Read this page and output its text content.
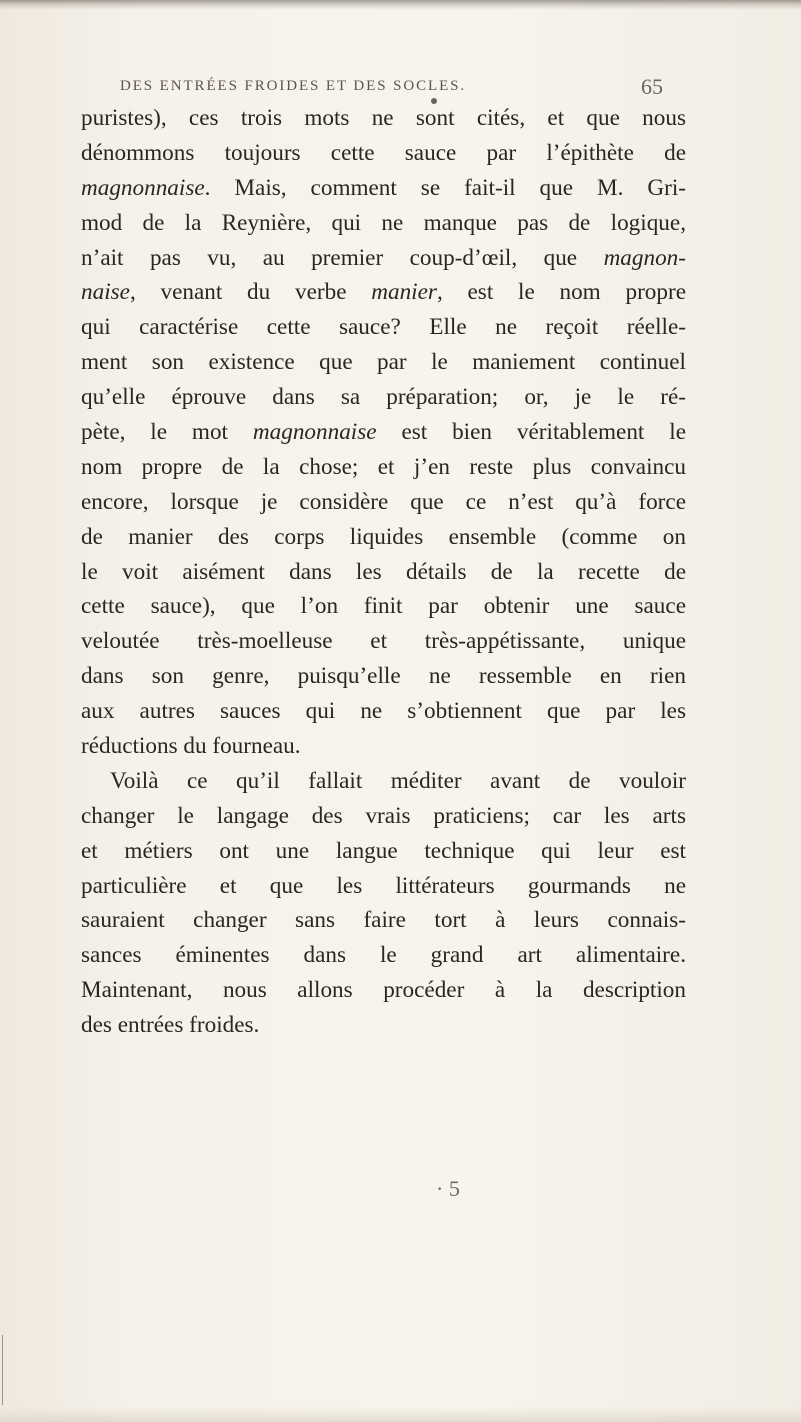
DES ENTRÉES FROIDES ET DES SOCLES.	65
puristes), ces trois mots ne sont cités, et que nous
dénommons toujours cette sauce par l’épithète de
magnonnaise. Mais, comment se fait-il que M. Gri-
mod de la Reynière, qui ne manque pas de logique,
n’ait pas vu, au premier coup-d’œil, que magnon-
naise, venant du verbe manier, est le nom propre
qui caractérise cette sauce? Elle ne reçoit réelle-
ment son existence que par le maniement continuel
qu’elle éprouve dans sa préparation; or, je le ré-
pète, le mot magnonnaise est bien véritablement le
nom propre de la chose; et j’en reste plus convaincu
encore, lorsque je considère que ce n’est qu’à force
de manier des corps liquides ensemble (comme on
le voit aisément dans les détails de la recette de
cette sauce), que l’on finit par obtenir une sauce
veloutée très-moelleuse et très-appétissante, unique
dans son genre, puisqu’elle ne ressemble en rien
aux autres sauces qui ne s’obtiennent que par les
réductions du fourneau.
Voilà ce qu’il fallait méditer avant de vouloir
changer le langage des vrais praticiens; car les arts
et métiers ont une langue technique qui leur est
particulière et que les littérateurs gourmands ne
sauraient changer sans faire tort à leurs connais-
sances éminentes dans le grand art alimentaire.
Maintenant, nous allons procéder à la description
des entrées froides.
· 5
